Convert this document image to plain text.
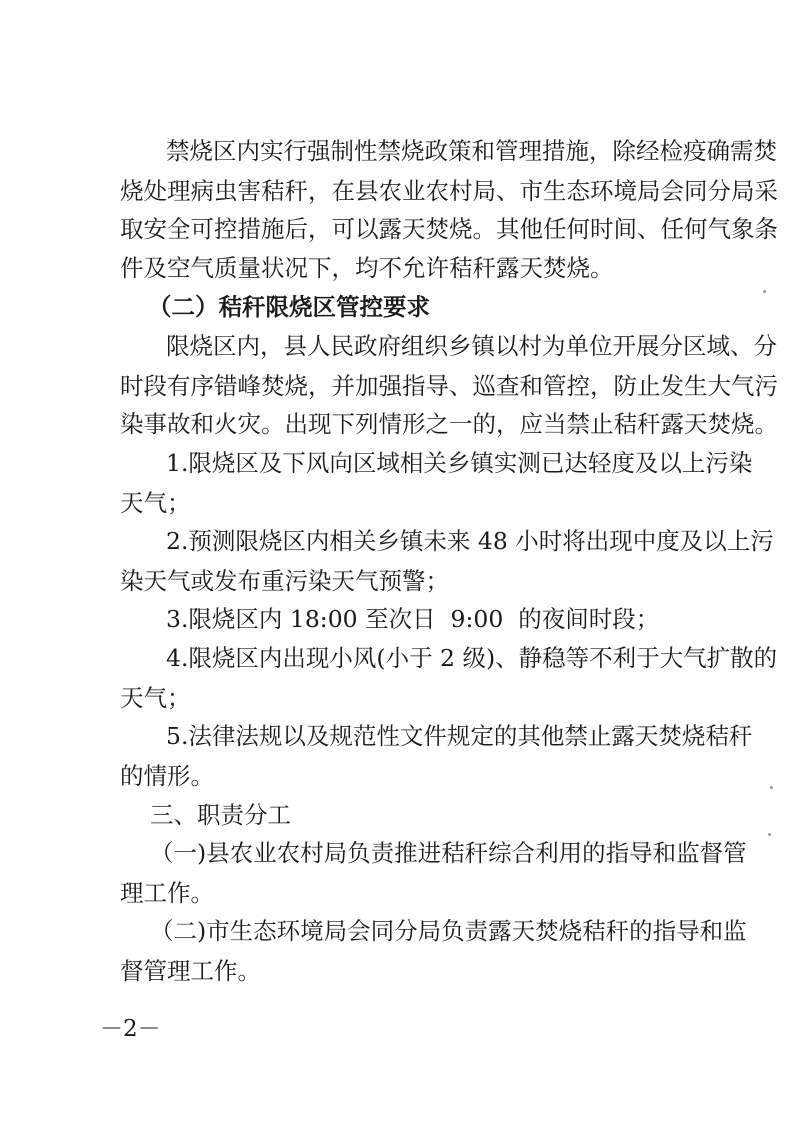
禁烧区内实行强制性禁烧政策和管理措施，除经检疫确需焚
烧处理病虫害秸秆，在县农业农村局、市生态环境局会同分局采
取安全可控措施后，可以露天焚烧。其他任何时间、任何气象条
件及空气质量状况下，均不允许秸秆露天焚烧。
（二）秸秆限烧区管控要求
限烧区内，县人民政府组织乡镇以村为单位开展分区域、分
时段有序错峰焚烧，并加强指导、巡查和管控，防止发生大气污
染事故和火灾。出现下列情形之一的，应当禁止秸秆露天焚烧。
1.限烧区及下风向区域相关乡镇实测已达轻度及以上污染
天气；
2.预测限烧区内相关乡镇未来 48 小时将出现中度及以上污
染天气或发布重污染天气预警；
3.限烧区内 18:00 至次日  9:00  的夜间时段；
4.限烧区内出现小风(小于 2 级)、静稳等不利于大气扩散的
天气；
5.法律法规以及规范性文件规定的其他禁止露天焚烧秸秆
的情形。
三、职责分工
（一)县农业农村局负责推进秸秆综合利用的指导和监督管
理工作。
（二)市生态环境局会同分局负责露天焚烧秸秆的指导和监
督管理工作。
－2－
